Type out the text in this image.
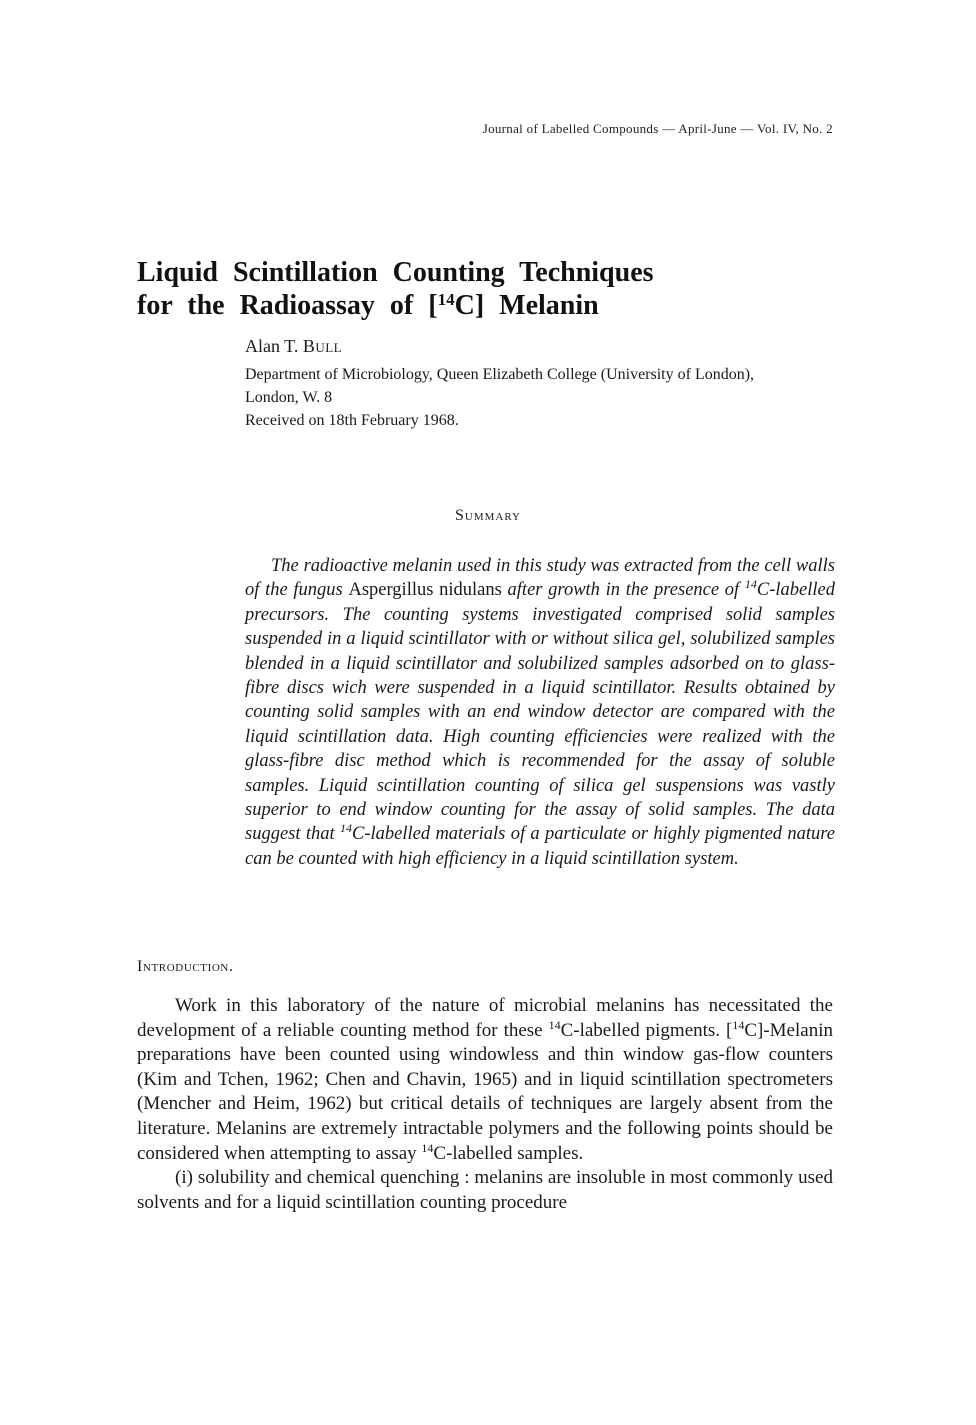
Journal of Labelled Compounds — April-June — Vol. IV, No. 2
Liquid Scintillation Counting Techniques
for the Radioassay of [$^{14}$C] Melanin

Alan T. Bull

Department of Microbiology, Queen Elizabeth College (University of London),

London, W. 8

Received on 18th February 1968.

Summary

The radioactive melanin used in this study was extracted from the cell walls of the fungus Aspergillus nidulans after growth in the presence of $^{14}$C-labelled precursors. The counting systems investigated comprised solid samples suspended in a liquid scintillator with or without silica gel, solubilized samples blended in a liquid scintillator and solubilized samples adsorbed on to glass-fibre discs wich were suspended in a liquid scintillator. Results obtained by counting solid samples with an end window detector are compared with the liquid scintillation data. High counting efficiencies were realized with the glass-fibre disc method which is recommended for the assay of soluble samples. Liquid scintillation counting of silica gel suspensions was vastly superior to end window counting for the assay of solid samples. The data suggest that $^{14}$C-labelled materials of a particulate or highly pigmented nature can be counted with high efficiency in a liquid scintillation system.

Introduction.

Work in this laboratory of the nature of microbial melanins has necessitated the development of a reliable counting method for these $^{14}$C-labelled pigments. [$^{14}$C]-Melanin preparations have been counted using windowless and thin window gas-flow counters (Kim and Tchen, 1962; Chen and Chavin, 1965) and in liquid scintillation spectrometers (Mencher and Heim, 1962) but critical details of techniques are largely absent from the literature. Melanins are extremely intractable polymers and the following points should be considered when attempting to assay $^{14}$C-labelled samples.

(i) solubility and chemical quenching : melanins are insoluble in most commonly used solvents and for a liquid scintillation counting procedure
